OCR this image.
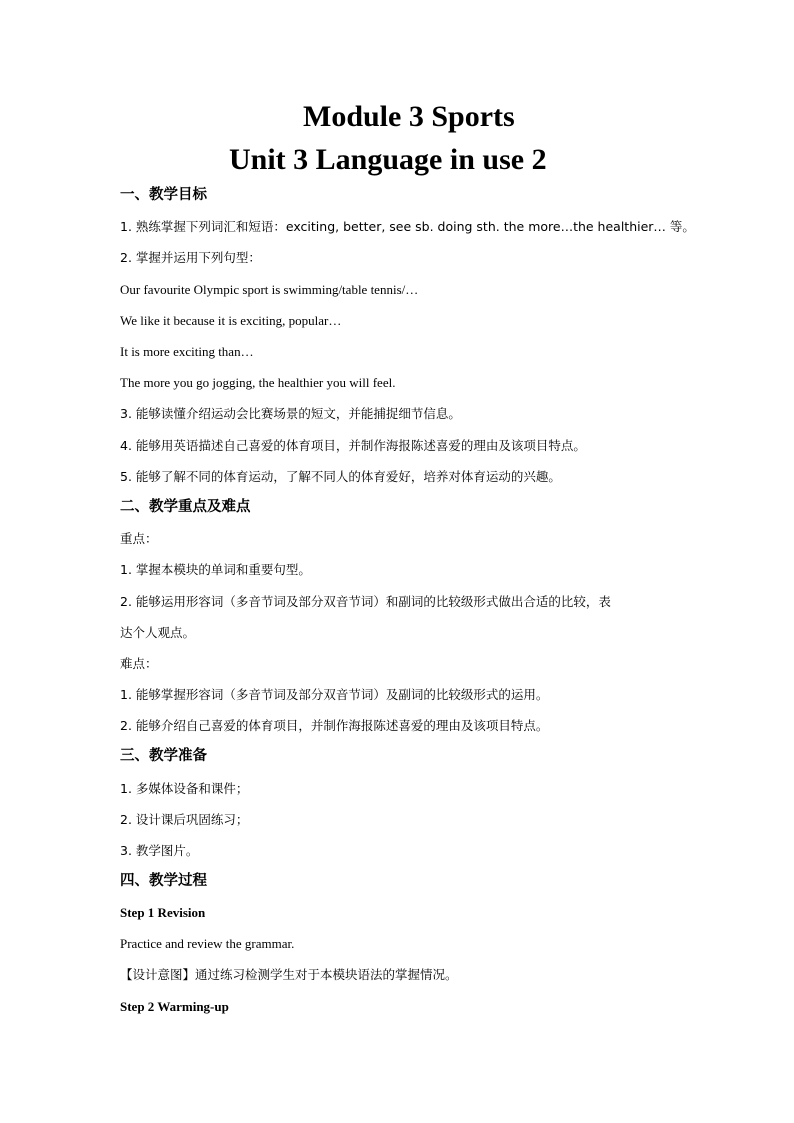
Module 3 Sports
Unit 3 Language in use 2
一、教学目标
1. 熟练掌握下列词汇和短语：exciting, better, see sb. doing sth. the more…the healthier… 等。
2. 掌握并运用下列句型：
Our favourite Olympic sport is swimming/table tennis/…
We like it because it is exciting, popular…
It is more exciting than…
The more you go jogging, the healthier you will feel.
3. 能够读懂介绍运动会比赛场景的短文，并能捕捉细节信息。
4. 能够用英语描述自己喜爱的体育项目，并制作海报陈述喜爱的理由及该项目特点。
5. 能够了解不同的体育运动，了解不同人的体育爱好，培养对体育运动的兴趣。
二、教学重点及难点
重点：
1. 掌握本模块的单词和重要句型。
2. 能够运用形容词（多音节词及部分双音节词）和副词的比较级形式做出合适的比较，表
达个人观点。
难点：
1. 能够掌握形容词（多音节词及部分双音节词）及副词的比较级形式的运用。
2. 能够介绍自己喜爱的体育项目，并制作海报陈述喜爱的理由及该项目特点。
三、教学准备
1. 多媒体设备和课件；
2. 设计课后巩固练习；
3. 教学图片。
四、教学过程
Step 1 Revision
Practice and review the grammar.
【设计意图】通过练习检测学生对于本模块语法的掌握情况。
Step 2 Warming-up
